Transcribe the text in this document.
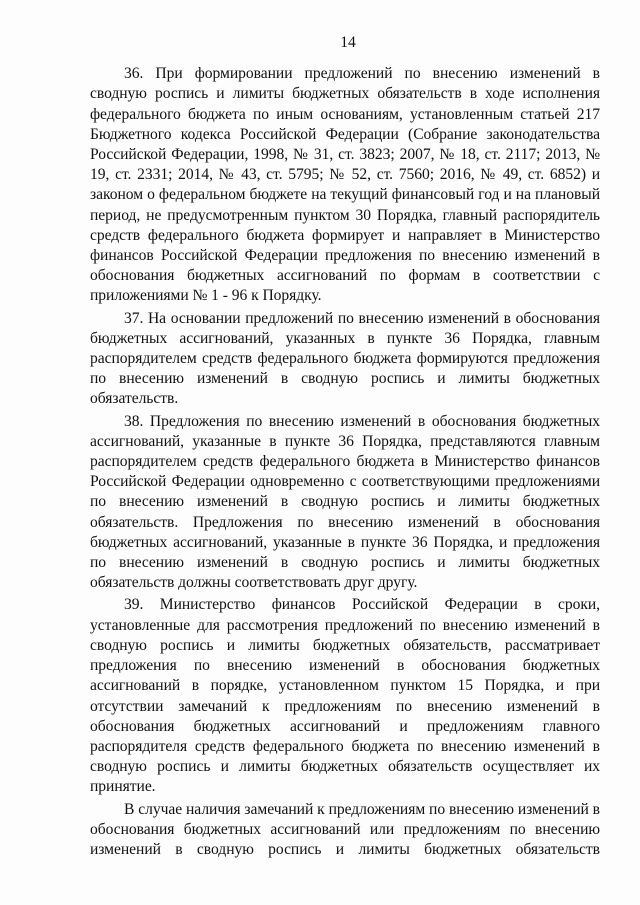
14

36. При формировании предложений по внесению изменений в сводную роспись и лимиты бюджетных обязательств в ходе исполнения федерального бюджета по иным основаниям, установленным статьей 217 Бюджетного кодекса Российской Федерации (Собрание законодательства Российской Федерации, 1998, № 31, ст. 3823; 2007, № 18, ст. 2117; 2013, № 19, ст. 2331; 2014, № 43, ст. 5795; № 52, ст. 7560; 2016, № 49, ст. 6852) и законом о федеральном бюджете на текущий финансовый год и на плановый период, не предусмотренным пунктом 30 Порядка, главный распорядитель средств федерального бюджета формирует и направляет в Министерство финансов Российской Федерации предложения по внесению изменений в обоснования бюджетных ассигнований по формам в соответствии с приложениями № 1 - 96 к Порядку.

37. На основании предложений по внесению изменений в обоснования бюджетных ассигнований, указанных в пункте 36 Порядка, главным распорядителем средств федерального бюджета формируются предложения по внесению изменений в сводную роспись и лимиты бюджетных обязательств.

38. Предложения по внесению изменений в обоснования бюджетных ассигнований, указанные в пункте 36 Порядка, представляются главным распорядителем средств федерального бюджета в Министерство финансов Российской Федерации одновременно с соответствующими предложениями по внесению изменений в сводную роспись и лимиты бюджетных обязательств. Предложения по внесению изменений в обоснования бюджетных ассигнований, указанные в пункте 36 Порядка, и предложения по внесению изменений в сводную роспись и лимиты бюджетных обязательств должны соответствовать друг другу.

39. Министерство финансов Российской Федерации в сроки, установленные для рассмотрения предложений по внесению изменений в сводную роспись и лимиты бюджетных обязательств, рассматривает предложения по внесению изменений в обоснования бюджетных ассигнований в порядке, установленном пунктом 15 Порядка, и при отсутствии замечаний к предложениям по внесению изменений в обоснования бюджетных ассигнований и предложениям главного распорядителя средств федерального бюджета по внесению изменений в сводную роспись и лимиты бюджетных обязательств осуществляет их принятие.

В случае наличия замечаний к предложениям по внесению изменений в обоснования бюджетных ассигнований или предложениям по внесению изменений в сводную роспись и лимиты бюджетных обязательств
